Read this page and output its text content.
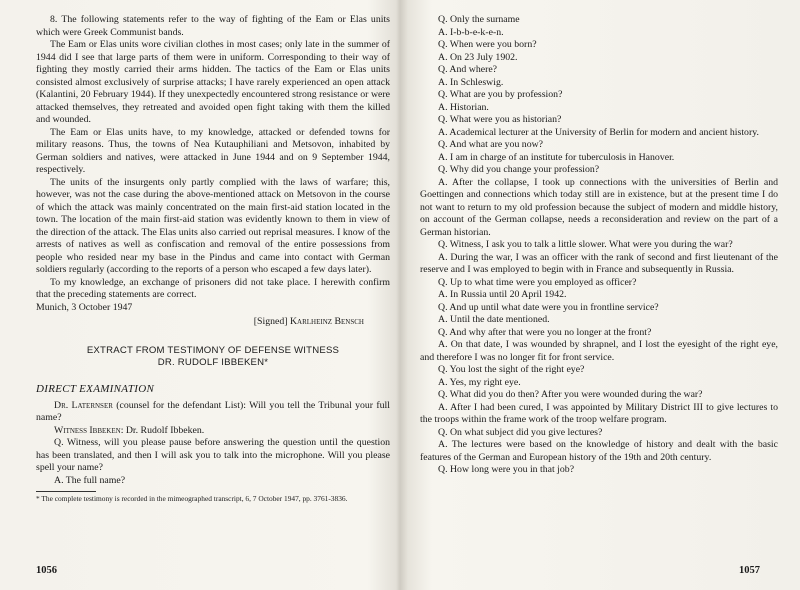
8. The following statements refer to the way of fighting of the Eam or Elas units which were Greek Communist bands.

The Eam or Elas units wore civilian clothes in most cases; only late in the summer of 1944 did I see that large parts of them were in uniform. Corresponding to their way of fighting they mostly carried their arms hidden. The tactics of the Eam or Elas units consisted almost exclusively of surprise attacks; I have rarely experienced an open attack (Kalantini, 20 February 1944). If they unexpectedly encountered strong resistance or were attacked themselves, they retreated and avoided open fight taking with them the killed and wounded.

The Eam or Elas units have, to my knowledge, attacked or defended towns for military reasons. Thus, the towns of Nea Kutauphiliani and Metsovon, inhabited by German soldiers and natives, were attacked in June 1944 and on 9 September 1944, respectively.

The units of the insurgents only partly complied with the laws of warfare; this, however, was not the case during the above-mentioned attack on Metsovon in the course of which the attack was mainly concentrated on the main first-aid station located in the town. The location of the main first-aid station was evidently known to them in view of the direction of the attack. The Elas units also carried out reprisal measures. I know of the arrests of natives as well as confiscation and removal of the entire possessions from people who resided near my base in the Pindus and came into contact with German soldiers regularly (according to the reports of a person who escaped a few days later).

To my knowledge, an exchange of prisoners did not take place. I herewith confirm that the preceding statements are correct.

Munich, 3 October 1947

[Signed] Karlheinz Bensch

EXTRACT FROM TESTIMONY OF DEFENSE WITNESS

DR. RUDOLF IBBEKEN*

DIRECT EXAMINATION

Dr. Laternser (counsel for the defendant List): Will you tell the Tribunal your full name?

Witness Ibbeken: Dr. Rudolf Ibbeken.

Q. Witness, will you please pause before answering the question until the question has been translated, and then I will ask you to talk into the microphone. Will you please spell your name?

A. The full name?

* The complete testimony is recorded in the mimeographed transcript, 6, 7 October 1947, pp. 3761-3836.

1056

Q. Only the surname

A. I-b-b-e-k-e-n.

Q. When were you born?

A. On 23 July 1902.

Q. And where?

A. In Schleswig.

Q. What are you by profession?

A. Historian.

Q. What were you as historian?

A. Academical lecturer at the University of Berlin for modern and ancient history.

Q. And what are you now?

A. I am in charge of an institute for tuberculosis in Hanover.

Q. Why did you change your profession?

A. After the collapse, I took up connections with the universities of Berlin and Goettingen and connections which today still are in existence, but at the present time I do not want to return to my old profession because the subject of modern and middle history, on account of the German collapse, needs a reconsideration and review on the part of a German historian.

Q. Witness, I ask you to talk a little slower. What were you during the war?

A. During the war, I was an officer with the rank of second and first lieutenant of the reserve and I was employed to begin with in France and subsequently in Russia.

Q. Up to what time were you employed as officer?

A. In Russia until 20 April 1942.

Q. And up until what date were you in frontline service?

A. Until the date mentioned.

Q. And why after that were you no longer at the front?

A. On that date, I was wounded by shrapnel, and I lost the eyesight of the right eye, and therefore I was no longer fit for front service.

Q. You lost the sight of the right eye?

A. Yes, my right eye.

Q. What did you do then? After you were wounded during the war?

A. After I had been cured, I was appointed by Military District III to give lectures to the troops within the frame work of the troop welfare program.

Q. On what subject did you give lectures?

A. The lectures were based on the knowledge of history and dealt with the basic features of the German and European history of the 19th and 20th century.

Q. How long were you in that job?

1057
